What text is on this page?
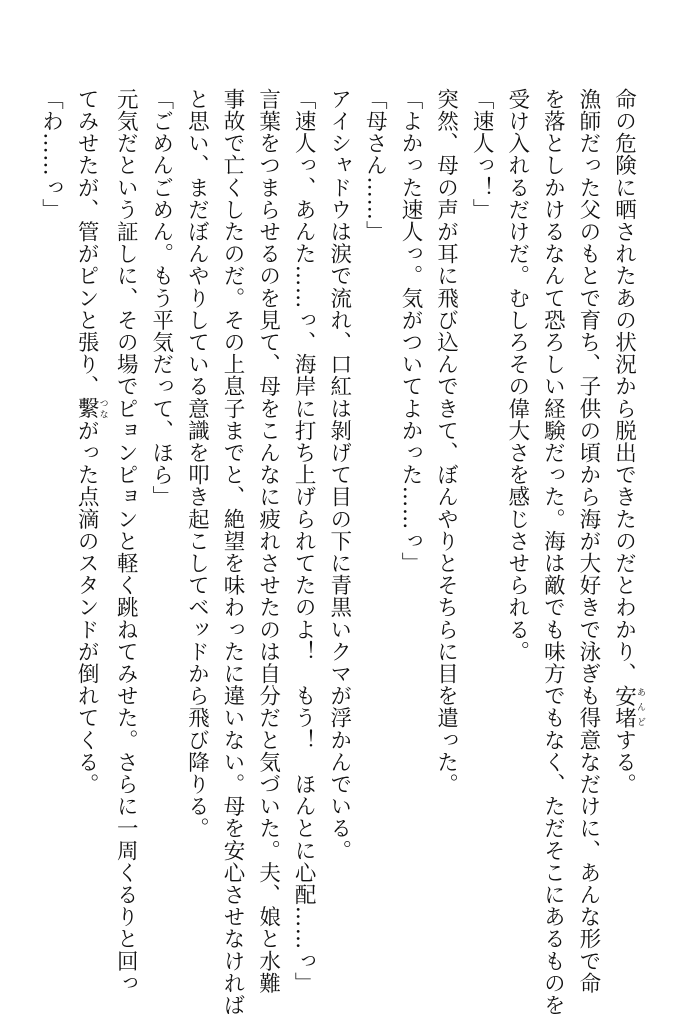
命の危険に晒されたあの状況から脱出できたのだとわかり、安堵あんどする。
漁師だった父のもとで育ち、子供の頃から海が大好きで泳ぎも得意なだけに、あんな形で命
を落としかけるなんて恐ろしい経験だった。海は敵でも味方でもなく、ただそこにあるものを
受け入れるだけだ。むしろその偉大さを感じさせられる。
「速人っ！」
突然、母の声が耳に飛び込んできて、ぼんやりとそちらに目を遣った。
「よかった速人っ。気がついてよかった……っ」
「母さん……」
アイシャドウは涙で流れ、口紅は剝げて目の下に青黒いクマが浮かんでいる。
「速人っ、あんた……っ、海岸に打ち上げられてたのよ！　もう！　ほんとに心配……っ」
言葉をつまらせるのを見て、母をこんなに疲れさせたのは自分だと気づいた。夫、娘と水難
事故で亡くしたのだ。その上息子までと、絶望を味わったに違いない。母を安心させなければ
と思い、まだぼんやりしている意識を叩き起こしてベッドから飛び降りる。
「ごめんごめん。もう平気だって、ほら」
元気だという証しに、その場でピョンピョンと軽く跳ねてみせた。さらに一周くるりと回っ
てみせたが、管がピンと張り、繫つながった点滴のスタンドが倒れてくる。
「わ……っ」
